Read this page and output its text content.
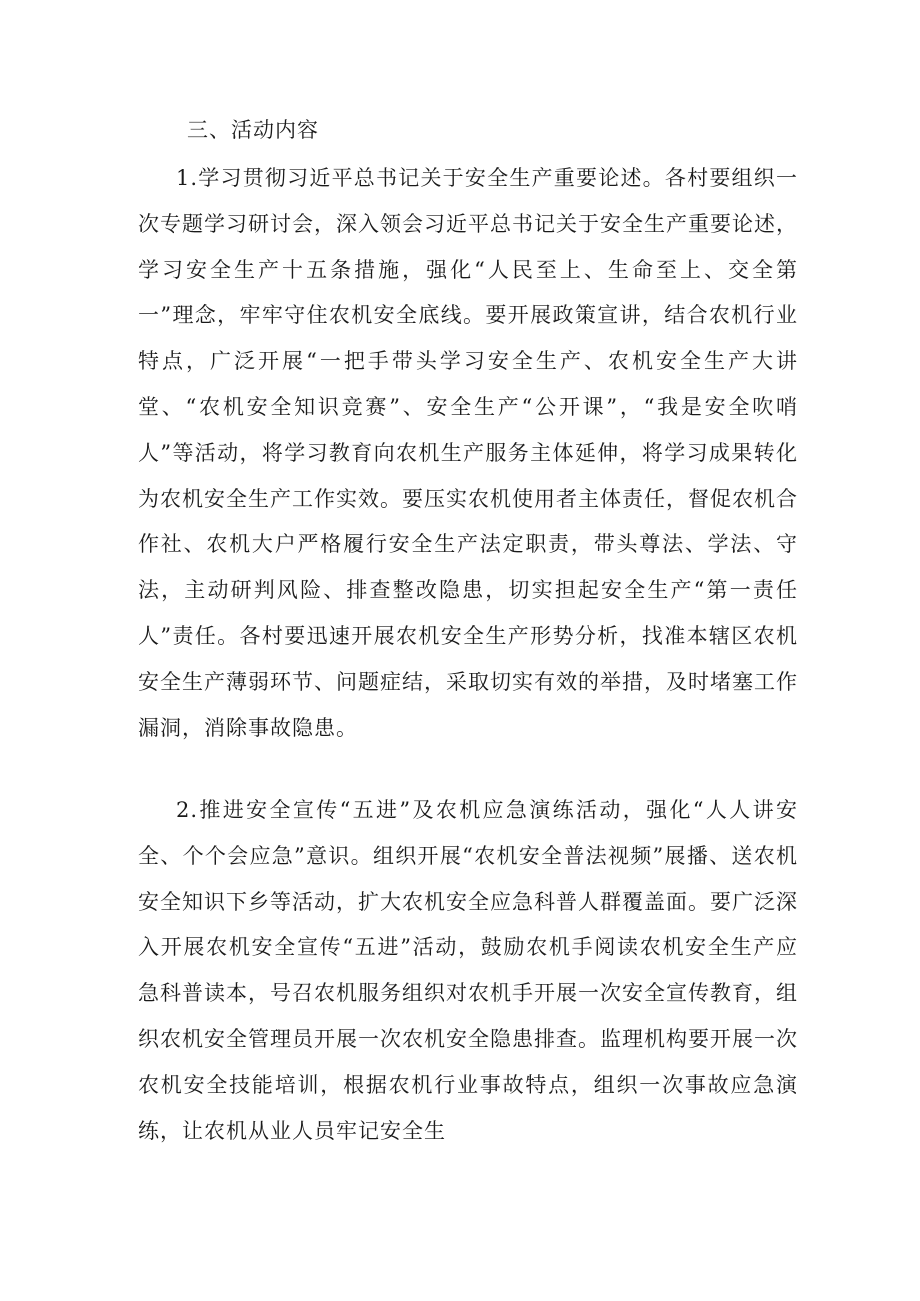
三、活动内容

1.学习贯彻习近平总书记关于安全生产重要论述。各村要组织一次专题学习研讨会，深入领会习近平总书记关于安全生产重要论述，学习安全生产十五条措施，强化“人民至上、生命至上、交全第一”理念，牢牢守住农机安全底线。要开展政策宣讲，结合农机行业特点，广泛开展“一把手带头学习安全生产、农机安全生产大讲堂、“农机安全知识竞赛”、安全生产“公开课”，“我是安全吹哨人”等活动，将学习教育向农机生产服务主体延伸，将学习成果转化为农机安全生产工作实效。要压实农机使用者主体责任，督促农机合作社、农机大户严格履行安全生产法定职责，带头尊法、学法、守法，主动研判风险、排查整改隐患，切实担起安全生产“第一责任人”责任。各村要迅速开展农机安全生产形势分析，找准本辖区农机安全生产薄弱环节、问题症结，采取切实有效的举措，及时堵塞工作漏洞，消除事故隐患。

2.推进安全宣传“五进”及农机应急演练活动，强化“人人讲安全、个个会应急”意识。组织开展“农机安全普法视频”展播、送农机安全知识下乡等活动，扩大农机安全应急科普人群覆盖面。要广泛深入开展农机安全宣传“五进”活动，鼓励农机手阅读农机安全生产应急科普读本，号召农机服务组织对农机手开展一次安全宣传教育，组织农机安全管理员开展一次农机安全隐患排查。监理机构要开展一次农机安全技能培训，根据农机行业事故特点，组织一次事故应急演练，让农机从业人员牢记安全生
